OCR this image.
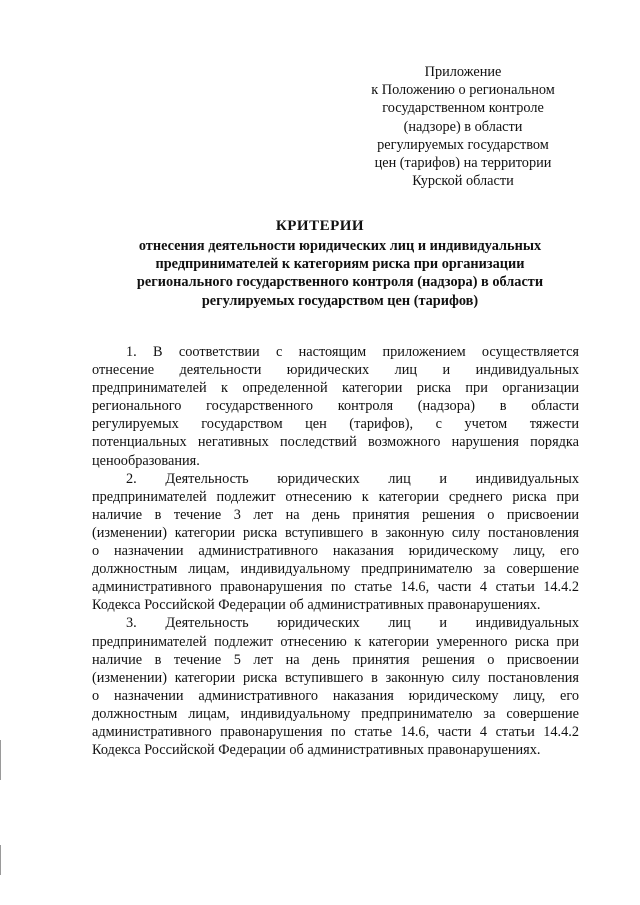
Приложение
к Положению о региональном
государственном контроле
(надзоре) в области
регулируемых государством
цен (тарифов) на территории
Курской области
КРИТЕРИИ
отнесения деятельности юридических лиц и индивидуальных
предпринимателей к категориям риска при организации
регионального государственного контроля (надзора) в области
регулируемых государством цен (тарифов)
1. В соответствии с настоящим приложением осуществляется
отнесение деятельности юридических лиц и индивидуальных
предпринимателей к определенной категории риска при организации
регионального государственного контроля (надзора) в области
регулируемых государством цен (тарифов), с учетом тяжести
потенциальных негативных последствий возможного нарушения порядка
ценообразования.
2. Деятельность юридических лиц и индивидуальных
предпринимателей подлежит отнесению к категории среднего риска при
наличие в течение 3 лет на день принятия решения о присвоении
(изменении) категории риска вступившего в законную силу постановления
о назначении административного наказания юридическому лицу, его
должностным лицам, индивидуальному предпринимателю за совершение
административного правонарушения по статье 14.6, части 4 статьи 14.4.2
Кодекса Российской Федерации об административных правонарушениях.
3. Деятельность юридических лиц и индивидуальных
предпринимателей подлежит отнесению к категории умеренного риска при
наличие в течение 5 лет на день принятия решения о присвоении
(изменении) категории риска вступившего в законную силу постановления
о назначении административного наказания юридическому лицу, его
должностным лицам, индивидуальному предпринимателю за совершение
административного правонарушения по статье 14.6, части 4 статьи 14.4.2
Кодекса Российской Федерации об административных правонарушениях.
